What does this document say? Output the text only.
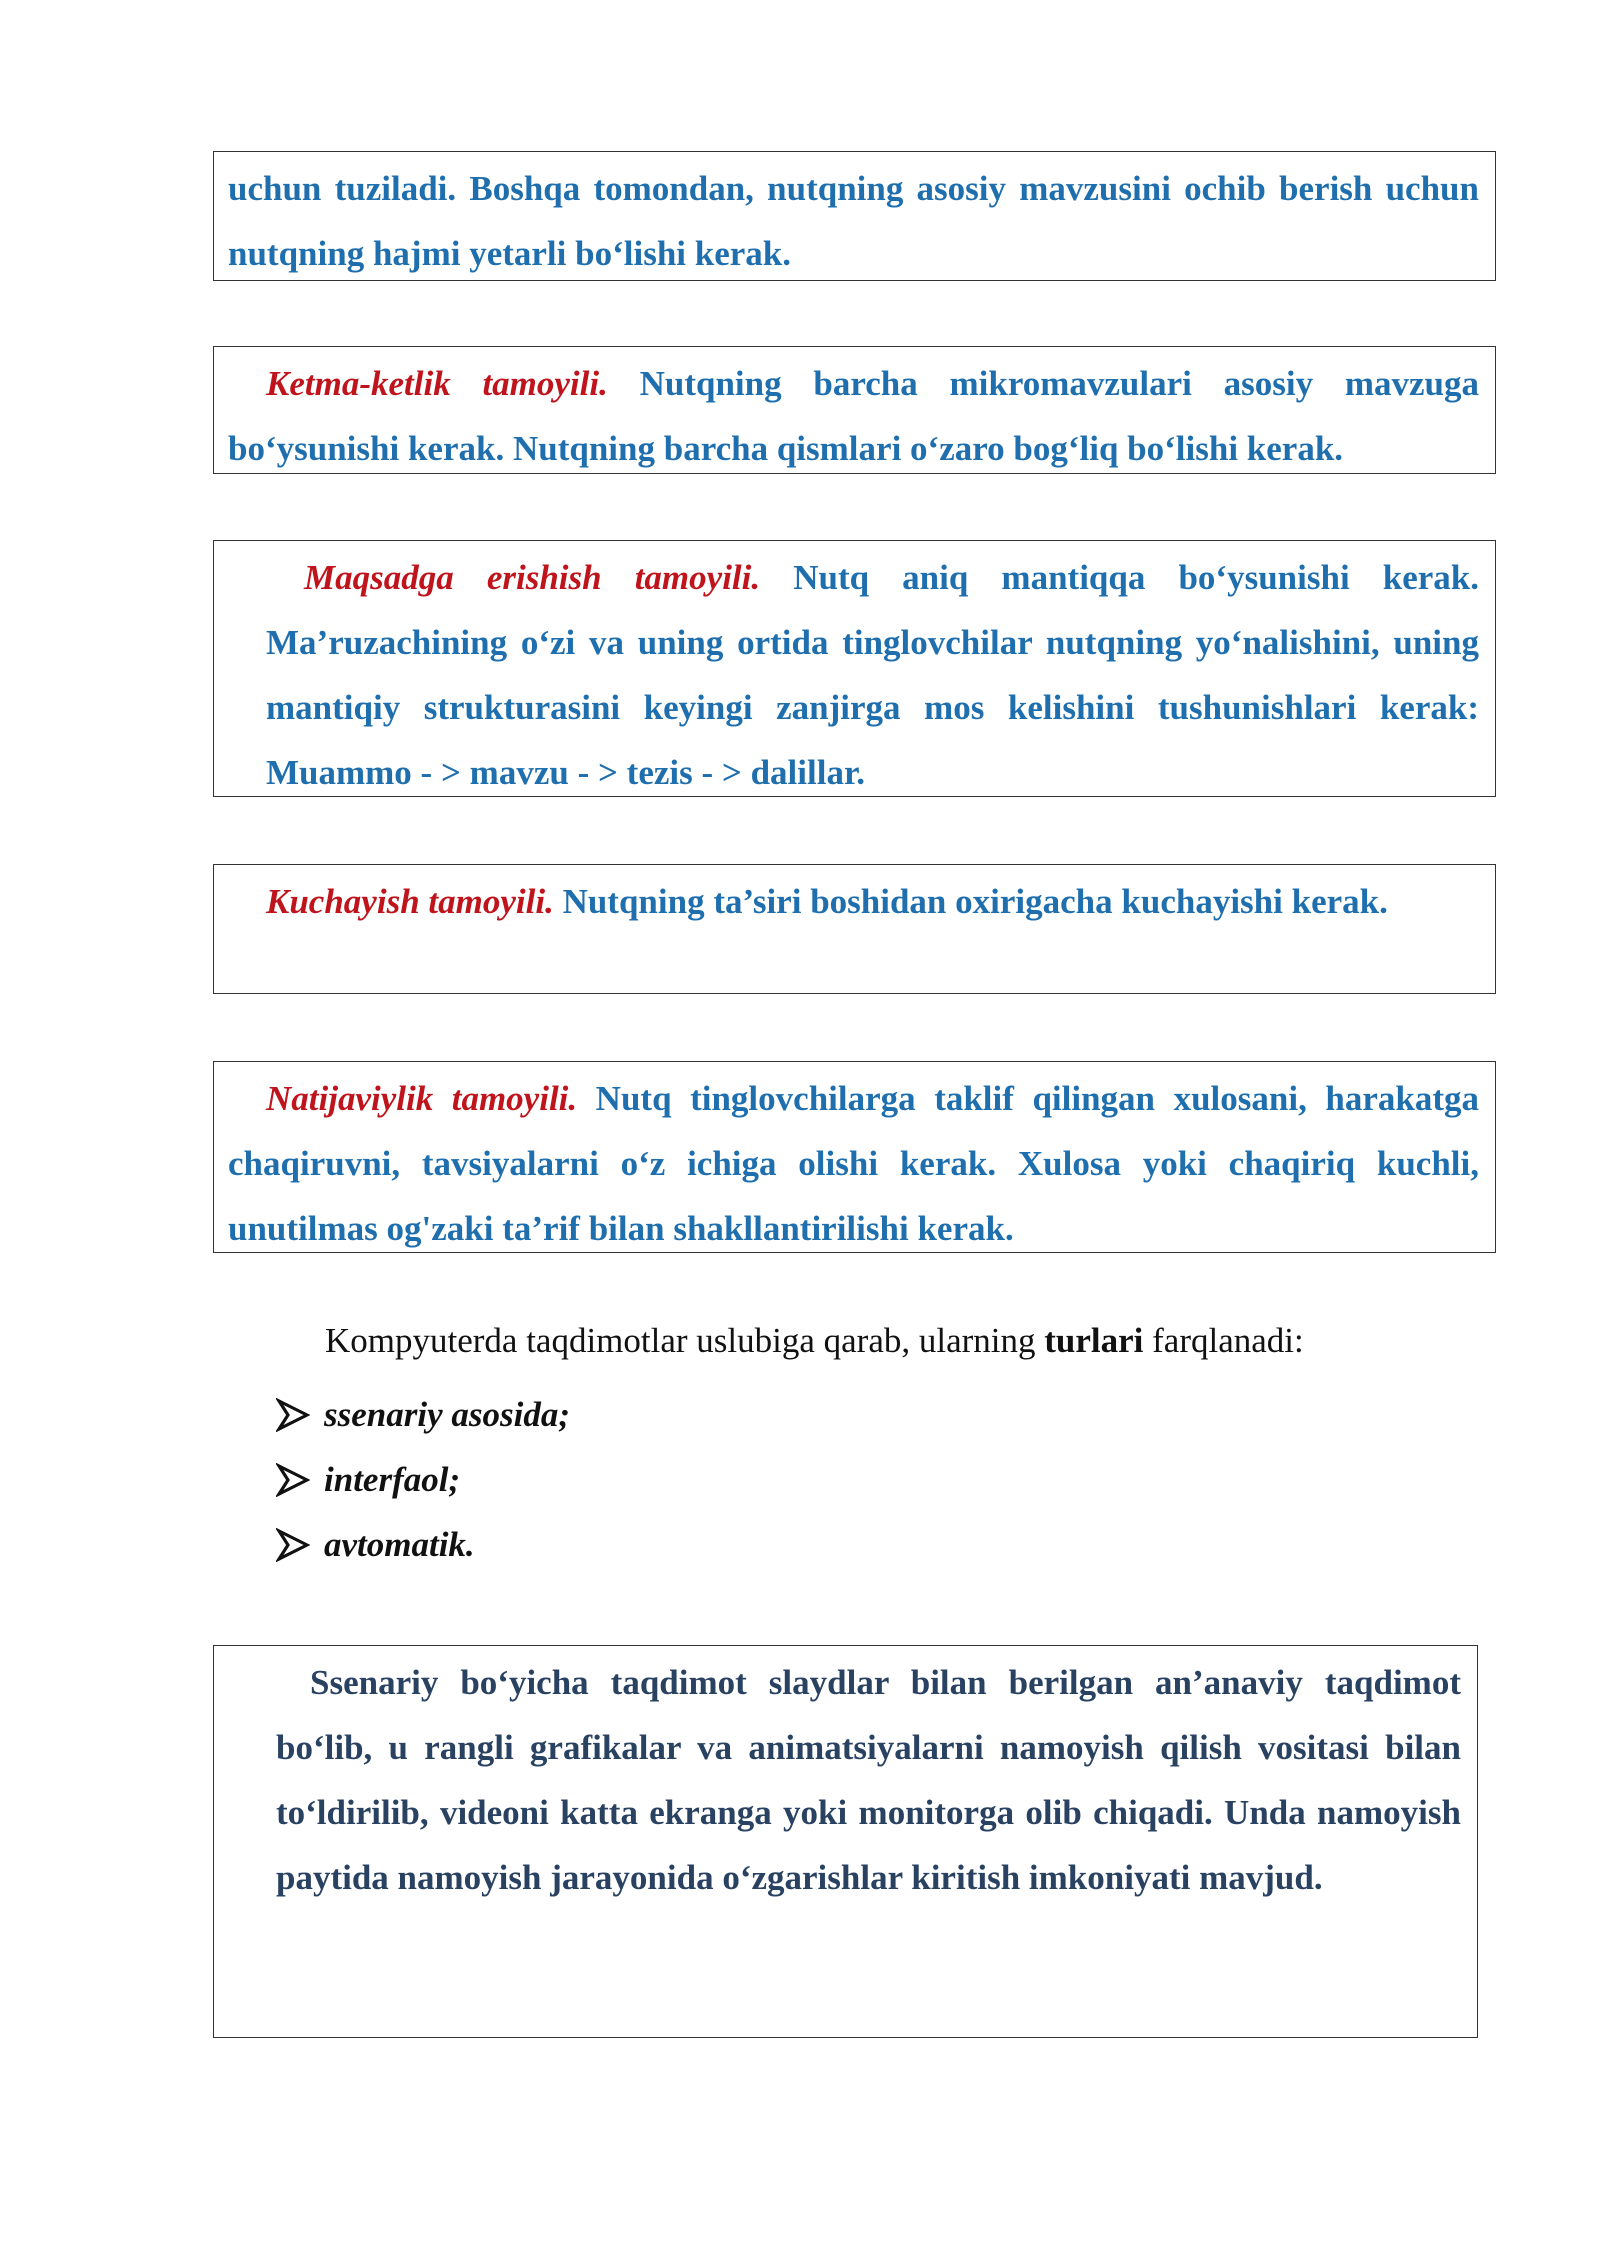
uchun tuziladi. Boshqa tomondan, nutqning asosiy mavzusini ochib berish uchun nutqning hajmi yetarli bo‘lishi kerak.

Ketma-ketlik tamoyili. Nutqning barcha mikromavzulari asosiy mavzuga bo‘ysunishi kerak. Nutqning barcha qismlari o‘zaro bog‘liq bo‘lishi kerak.

Maqsadga erishish tamoyili. Nutq aniq mantiqqa bo‘ysunishi kerak. Ma’ruzachining o‘zi va uning ortida tinglovchilar nutqning yo‘nalishini, uning mantiqiy strukturasini keyingi zanjirga mos kelishini tushunishlari kerak: Muammo - > mavzu - > tezis - > dalillar.

Kuchayish tamoyili. Nutqning ta’siri boshidan oxirigacha kuchayishi kerak.

Natijaviylik tamoyili. Nutq tinglovchilarga taklif qilingan xulosani, harakatga chaqiruvni, tavsiyalarni o‘z ichiga olishi kerak. Xulosa yoki chaqiriq kuchli, unutilmas og'zaki ta’rif bilan shakllantirilishi kerak.

Kompyuterda taqdimotlar uslubiga qarab, ularning turlari farqlanadi:

ssenariy asosida;
interfaol;
avtomatik.

Ssenariy bo‘yicha taqdimot slaydlar bilan berilgan an’anaviy taqdimot bo‘lib, u rangli grafikalar va animatsiyalarni namoyish qilish vositasi bilan to‘ldirilib, videoni katta ekranga yoki monitorga olib chiqadi. Unda namoyish paytida namoyish jarayonida o‘zgarishlar kiritish imkoniyati mavjud.
